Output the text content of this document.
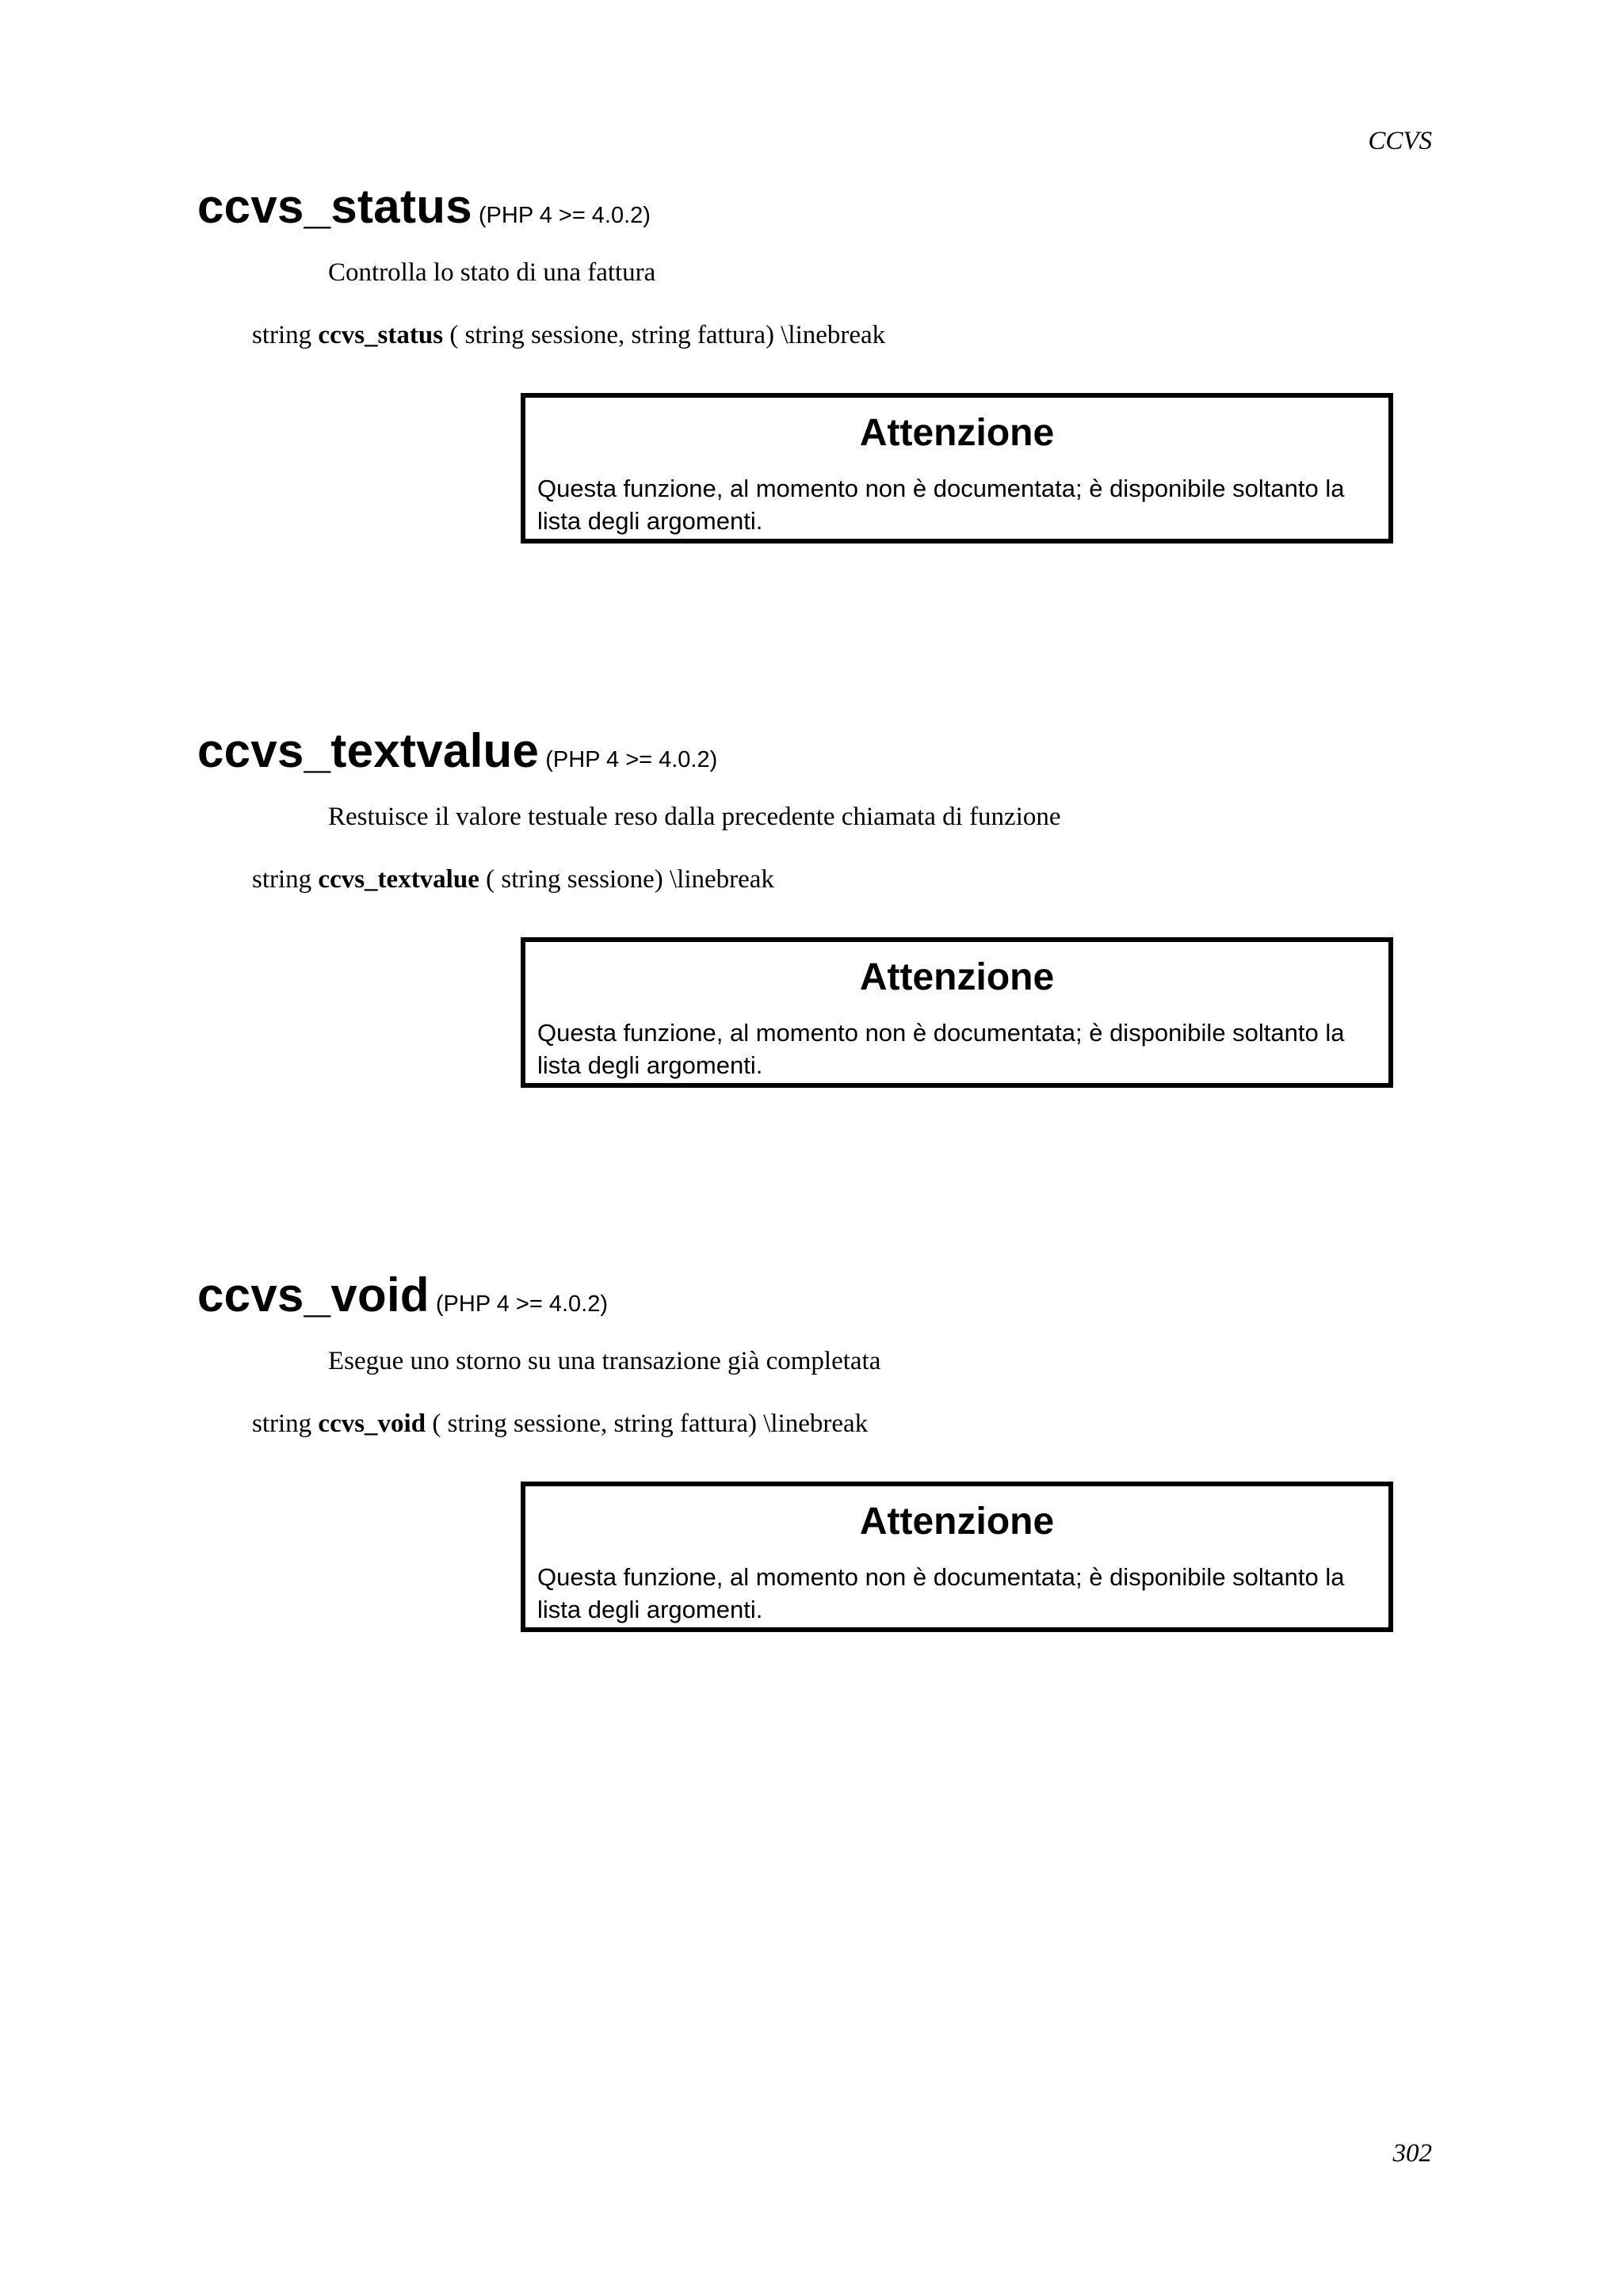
CCVS
ccvs_status (PHP 4 >= 4.0.2)
Controlla lo stato di una fattura
string ccvs_status ( string sessione, string fattura) \linebreak
Attenzione
Questa funzione, al momento non è documentata; è disponibile soltanto la lista degli argomenti.
ccvs_textvalue (PHP 4 >= 4.0.2)
Restuisce il valore testuale reso dalla precedente chiamata di funzione
string ccvs_textvalue ( string sessione) \linebreak
Attenzione
Questa funzione, al momento non è documentata; è disponibile soltanto la lista degli argomenti.
ccvs_void (PHP 4 >= 4.0.2)
Esegue uno storno su una transazione già completata
string ccvs_void ( string sessione, string fattura) \linebreak
Attenzione
Questa funzione, al momento non è documentata; è disponibile soltanto la lista degli argomenti.
302
